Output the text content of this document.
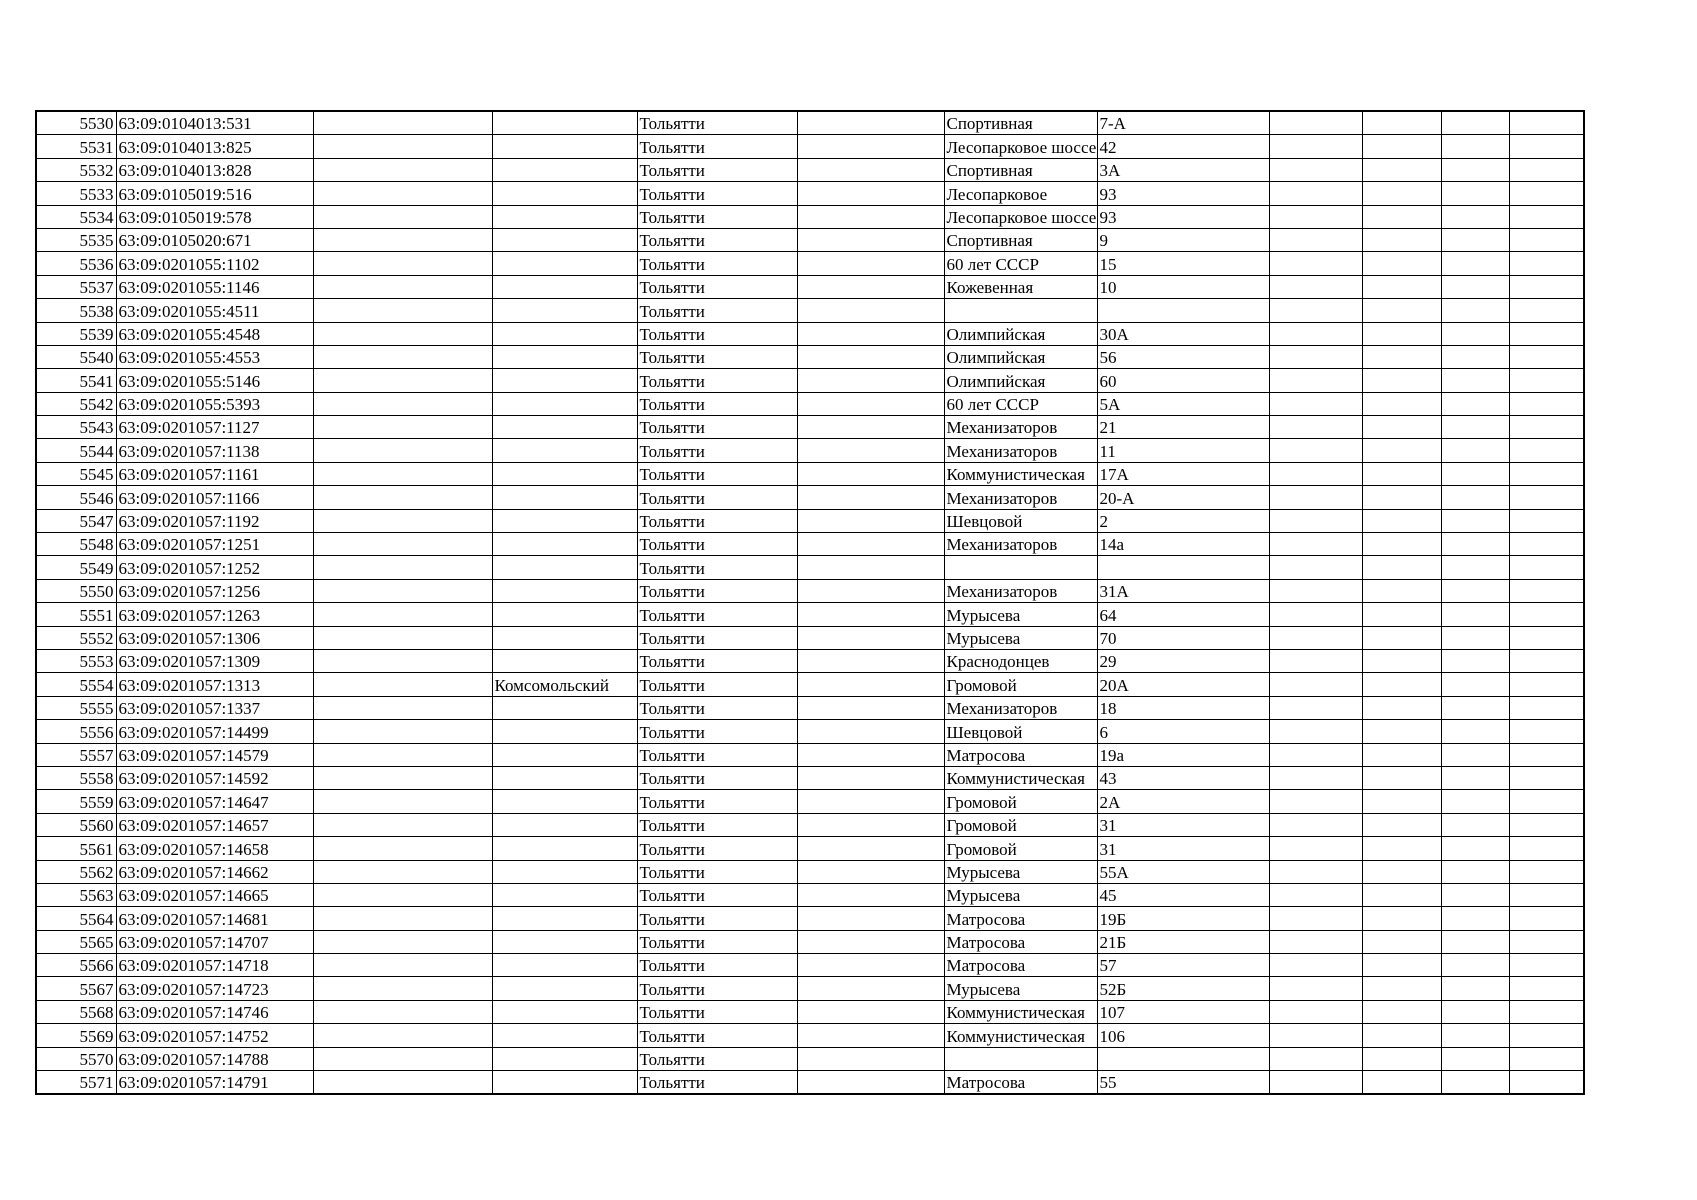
5530	63:09:0104013:531			Тольятти		Спортивная	7-А				
5531	63:09:0104013:825			Тольятти		Лесопарковое шоссе	42				
5532	63:09:0104013:828			Тольятти		Спортивная	3А				
5533	63:09:0105019:516			Тольятти		Лесопарковое	93				
5534	63:09:0105019:578			Тольятти		Лесопарковое шоссе	93				
5535	63:09:0105020:671			Тольятти		Спортивная	9				
5536	63:09:0201055:1102			Тольятти		60 лет СССР	15				
5537	63:09:0201055:1146			Тольятти		Кожевенная	10				
5538	63:09:0201055:4511			Тольятти							
5539	63:09:0201055:4548			Тольятти		Олимпийская	30А				
5540	63:09:0201055:4553			Тольятти		Олимпийская	56				
5541	63:09:0201055:5146			Тольятти		Олимпийская	60				
5542	63:09:0201055:5393			Тольятти		60 лет СССР	5А				
5543	63:09:0201057:1127			Тольятти		Механизаторов	21				
5544	63:09:0201057:1138			Тольятти		Механизаторов	11				
5545	63:09:0201057:1161			Тольятти		Коммунистическая	17А				
5546	63:09:0201057:1166			Тольятти		Механизаторов	20-А				
5547	63:09:0201057:1192			Тольятти		Шевцовой	2				
5548	63:09:0201057:1251			Тольятти		Механизаторов	14а				
5549	63:09:0201057:1252			Тольятти							
5550	63:09:0201057:1256			Тольятти		Механизаторов	31А				
5551	63:09:0201057:1263			Тольятти		Мурысева	64				
5552	63:09:0201057:1306			Тольятти		Мурысева	70				
5553	63:09:0201057:1309			Тольятти		Краснодонцев	29				
5554	63:09:0201057:1313		Комсомольский	Тольятти		Громовой	20А				
5555	63:09:0201057:1337			Тольятти		Механизаторов	18				
5556	63:09:0201057:14499			Тольятти		Шевцовой	6				
5557	63:09:0201057:14579			Тольятти		Матросова	19а				
5558	63:09:0201057:14592			Тольятти		Коммунистическая	43				
5559	63:09:0201057:14647			Тольятти		Громовой	2А				
5560	63:09:0201057:14657			Тольятти		Громовой	31				
5561	63:09:0201057:14658			Тольятти		Громовой	31				
5562	63:09:0201057:14662			Тольятти		Мурысева	55А				
5563	63:09:0201057:14665			Тольятти		Мурысева	45				
5564	63:09:0201057:14681			Тольятти		Матросова	19Б				
5565	63:09:0201057:14707			Тольятти		Матросова	21Б				
5566	63:09:0201057:14718			Тольятти		Матросова	57				
5567	63:09:0201057:14723			Тольятти		Мурысева	52Б				
5568	63:09:0201057:14746			Тольятти		Коммунистическая	107				
5569	63:09:0201057:14752			Тольятти		Коммунистическая	106				
5570	63:09:0201057:14788			Тольятти							
5571	63:09:0201057:14791			Тольятти		Матросова	55				
